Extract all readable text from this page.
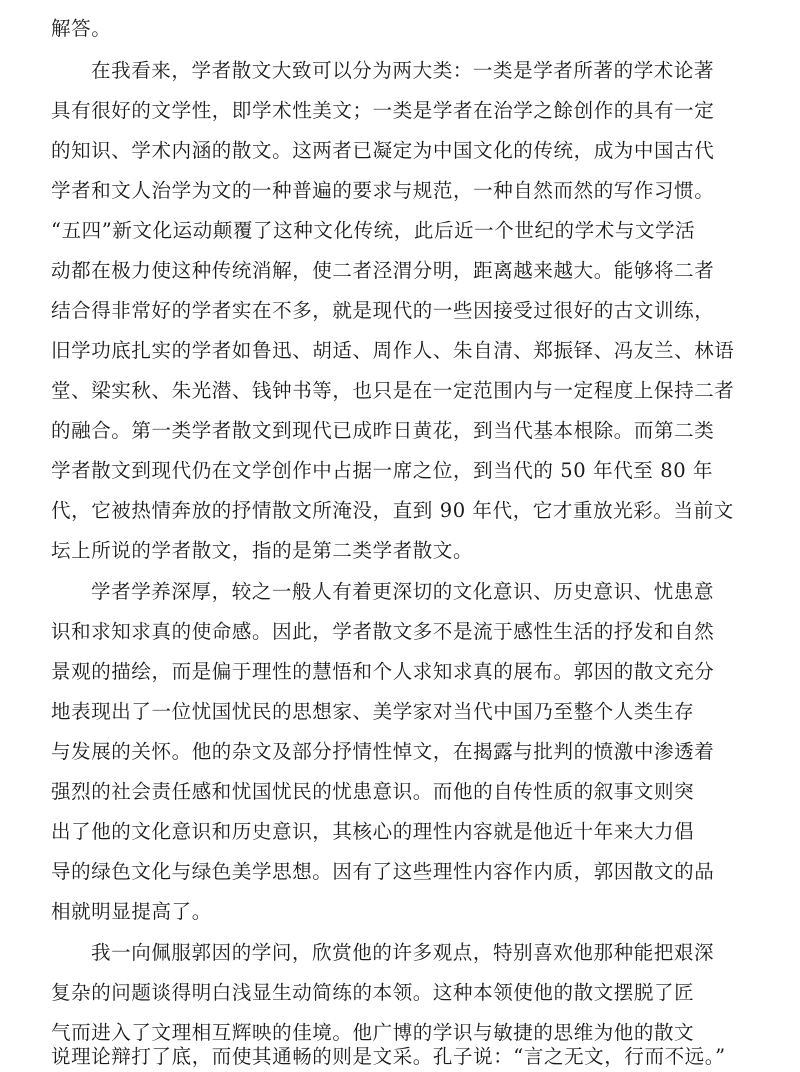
解答。
在我看来，学者散文大致可以分为两大类：一类是学者所著的学术论著
具有很好的文学性，即学术性美文；一类是学者在治学之餘创作的具有一定
的知识、学术内涵的散文。这两者已凝定为中国文化的传统，成为中国古代
学者和文人治学为文的一种普遍的要求与规范，一种自然而然的写作习惯。
“五四”新文化运动颠覆了这种文化传统，此后近一个世纪的学术与文学活
动都在极力使这种传统消解，使二者泾渭分明，距离越来越大。能够将二者
结合得非常好的学者实在不多，就是现代的一些因接受过很好的古文训练，
旧学功底扎实的学者如鲁迅、胡适、周作人、朱自清、郑振铎、冯友兰、林语
堂、梁实秋、朱光潜、钱钟书等，也只是在一定范围内与一定程度上保持二者
的融合。第一类学者散文到现代已成昨日黄花，到当代基本根除。而第二类
学者散文到现代仍在文学创作中占据一席之位，到当代的 50 年代至 80 年
代，它被热情奔放的抒情散文所淹没，直到 90 年代，它才重放光彩。当前文
坛上所说的学者散文，指的是第二类学者散文。
学者学养深厚，较之一般人有着更深切的文化意识、历史意识、忧患意
识和求知求真的使命感。因此，学者散文多不是流于感性生活的抒发和自然
景观的描绘，而是偏于理性的慧悟和个人求知求真的展布。郭因的散文充分
地表现出了一位忧国忧民的思想家、美学家对当代中国乃至整个人类生存
与发展的关怀。他的杂文及部分抒情性悼文，在揭露与批判的愤激中渗透着
强烈的社会责任感和忧国忧民的忧患意识。而他的自传性质的叙事文则突
出了他的文化意识和历史意识，其核心的理性内容就是他近十年来大力倡
导的绿色文化与绿色美学思想。因有了这些理性内容作内质，郭因散文的品
相就明显提高了。
我一向佩服郭因的学问，欣赏他的许多观点，特别喜欢他那种能把艰深
复杂的问题谈得明白浅显生动简练的本领。这种本领使他的散文摆脱了匠
气而进入了文理相互辉映的佳境。他广博的学识与敏捷的思维为他的散文
说理论辩打了底，而使其通畅的则是文采。孔子说：“言之无文，行而不远。”
